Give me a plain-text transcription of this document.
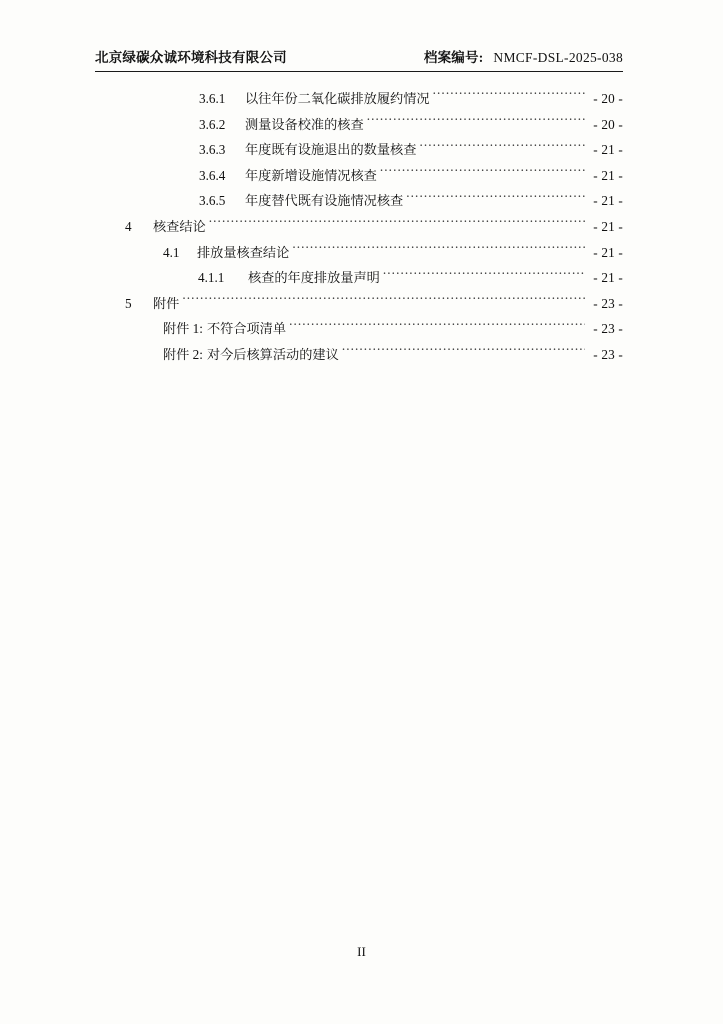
北京绿碳众诚环境科技有限公司	档案编号: NMCF-DSL-2025-038
3.6.1	以往年份二氧化碳排放履约情况 .....	- 20 -
3.6.2	测量设备校准的核查 .....	- 20 -
3.6.3	年度既有设施退出的数量核查 .....	- 21 -
3.6.4	年度新增设施情况核查 .....	- 21 -
3.6.5	年度替代既有设施情况核查 .....	- 21 -
4	核查结论 .....	- 21 -
4.1	排放量核查结论 .....	- 21 -
4.1.1	核查的年度排放量声明 .....	- 21 -
5	附件 .....	- 23 -
附件 1: 不符合项清单 .....	- 23 -
附件 2: 对今后核算活动的建议 .....	- 23 -
II
